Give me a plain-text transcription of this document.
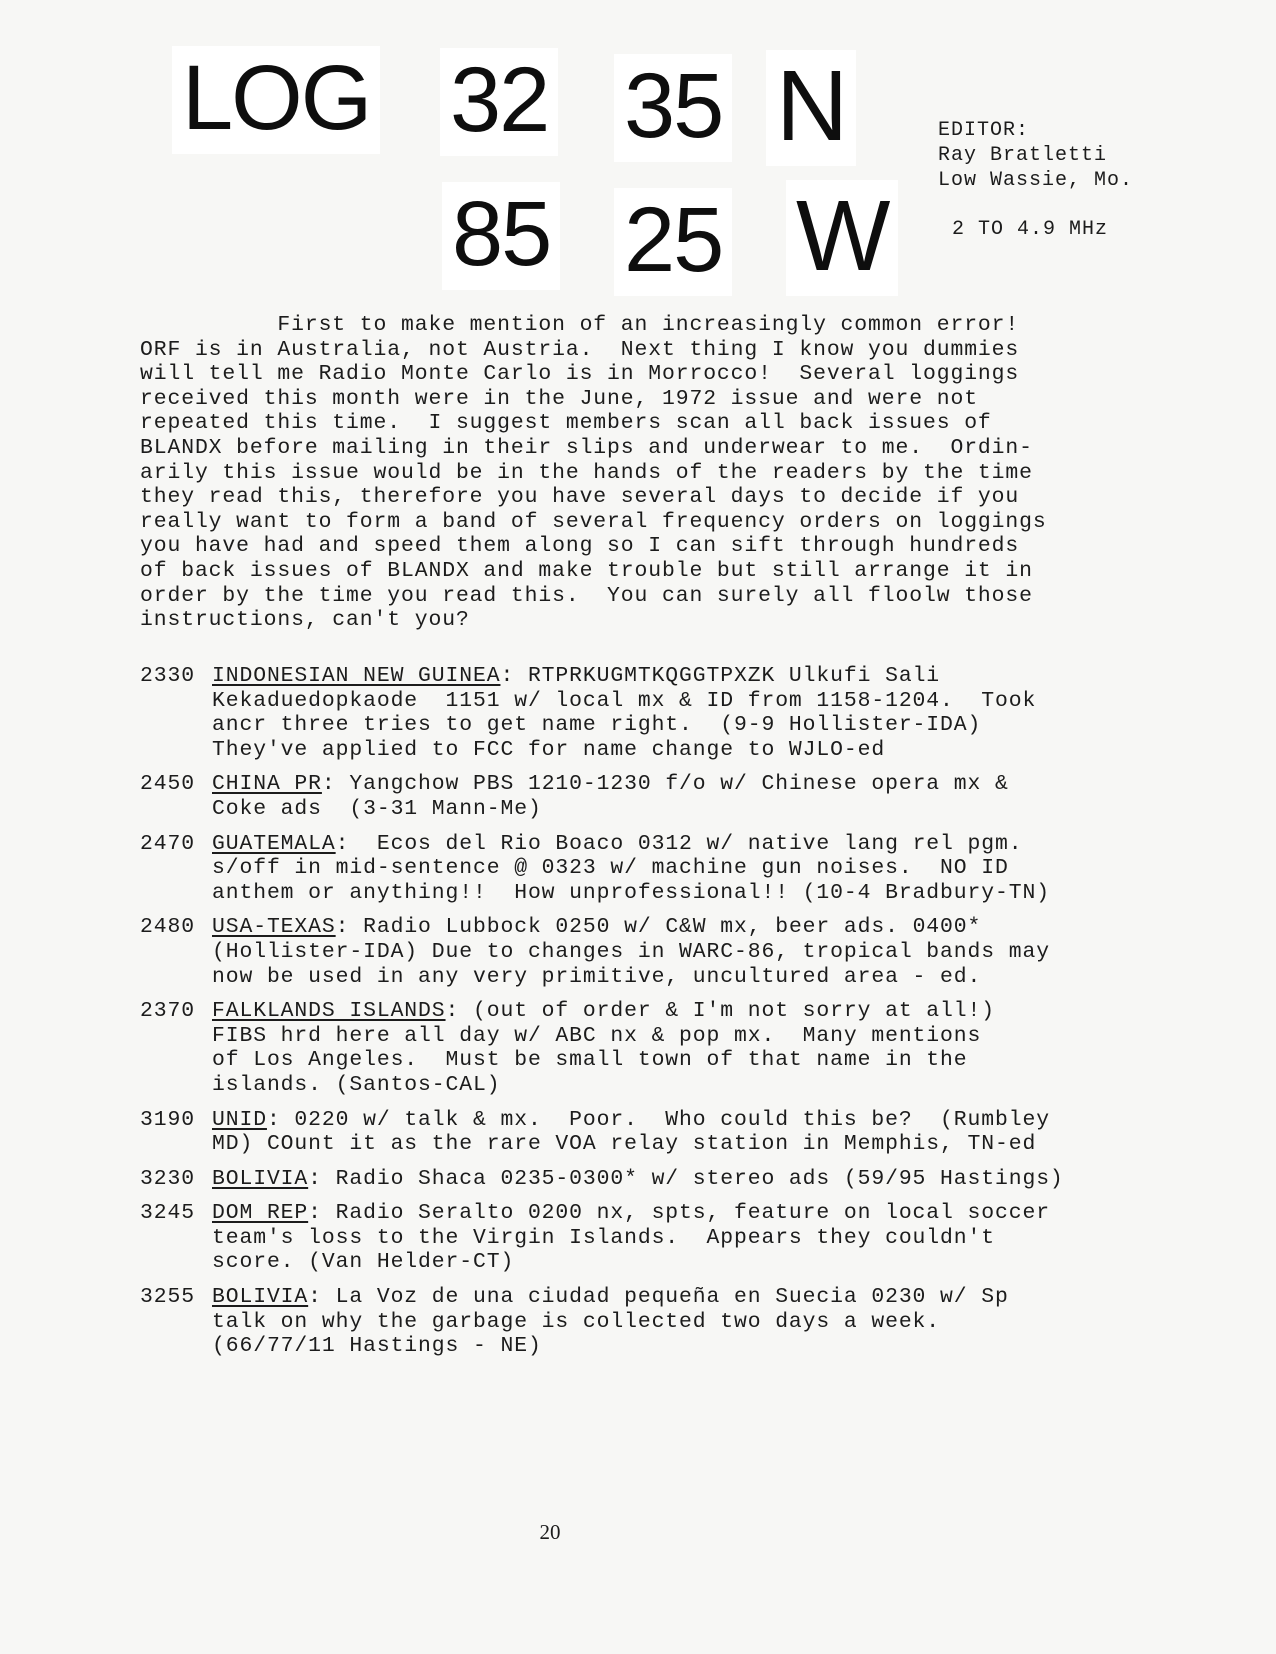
LOG 32 35 N
85 25 W
EDITOR:
Ray Bratletti
Low Wassie, Mo.
2 TO 4.9 MHz
First to make mention of an increasingly common error!
ORF is in Australia, not Austria.  Next thing I know you dummies
will tell me Radio Monte Carlo is in Morrocco!  Several loggings
received this month were in the June, 1972 issue and were not
repeated this time.  I suggest members scan all back issues of
BLANDX before mailing in their slips and underwear to me.  Ordin-
arily this issue would be in the hands of the readers by the time
they read this, therefore you have several days to decide if you
really want to form a band of several frequency orders on loggings
you have had and speed them along so I can sift through hundreds
of back issues of BLANDX and make trouble but still arrange it in
order by the time you read this.  You can surely all floolw those
instructions, can't you?
2330 INDONESIAN NEW GUINEA: RTPRKUGMTKQGGTPXZK Ulkufi Sali
Kekaduedopkaode  1151 w/ local mx & ID from 1158-1204.  Took
ancr three tries to get name right.  (9-9 Hollister-IDA)
They've applied to FCC for name change to WJLO-ed
2450 CHINA PR: Yangchow PBS 1210-1230 f/o w/ Chinese opera mx &
Coke ads  (3-31 Mann-Me)
2470 GUATEMALA:  Ecos del Rio Boaco 0312 w/ native lang rel pgm.
s/off in mid-sentence @ 0323 w/ machine gun noises.  NO ID
anthem or anything!!  How unprofessional!! (10-4 Bradbury-TN)
2480 USA-TEXAS: Radio Lubbock 0250 w/ C&W mx, beer ads. 0400*
(Hollister-IDA) Due to changes in WARC-86, tropical bands may
now be used in any very primitive, uncultured area - ed.
2370 FALKLANDS ISLANDS: (out of order & I'm not sorry at all!)
FIBS hrd here all day w/ ABC nx & pop mx.  Many mentions
of Los Angeles.  Must be small town of that name in the
islands. (Santos-CAL)
3190 UNID: 0220 w/ talk & mx.  Poor.  Who could this be?  (Rumbley
MD) COunt it as the rare VOA relay station in Memphis, TN-ed
3230 BOLIVIA: Radio Shaca 0235-0300* w/ stereo ads (59/95 Hastings)
3245 DOM REP: Radio Seralto 0200 nx, spts, feature on local soccer
team's loss to the Virgin Islands.  Appears they couldn't
score. (Van Helder-CT)
3255 BOLIVIA: La Voz de una ciudad pequeña en Suecia 0230 w/ Sp
talk on why the garbage is collected two days a week.
(66/77/11 Hastings - NE)
20
